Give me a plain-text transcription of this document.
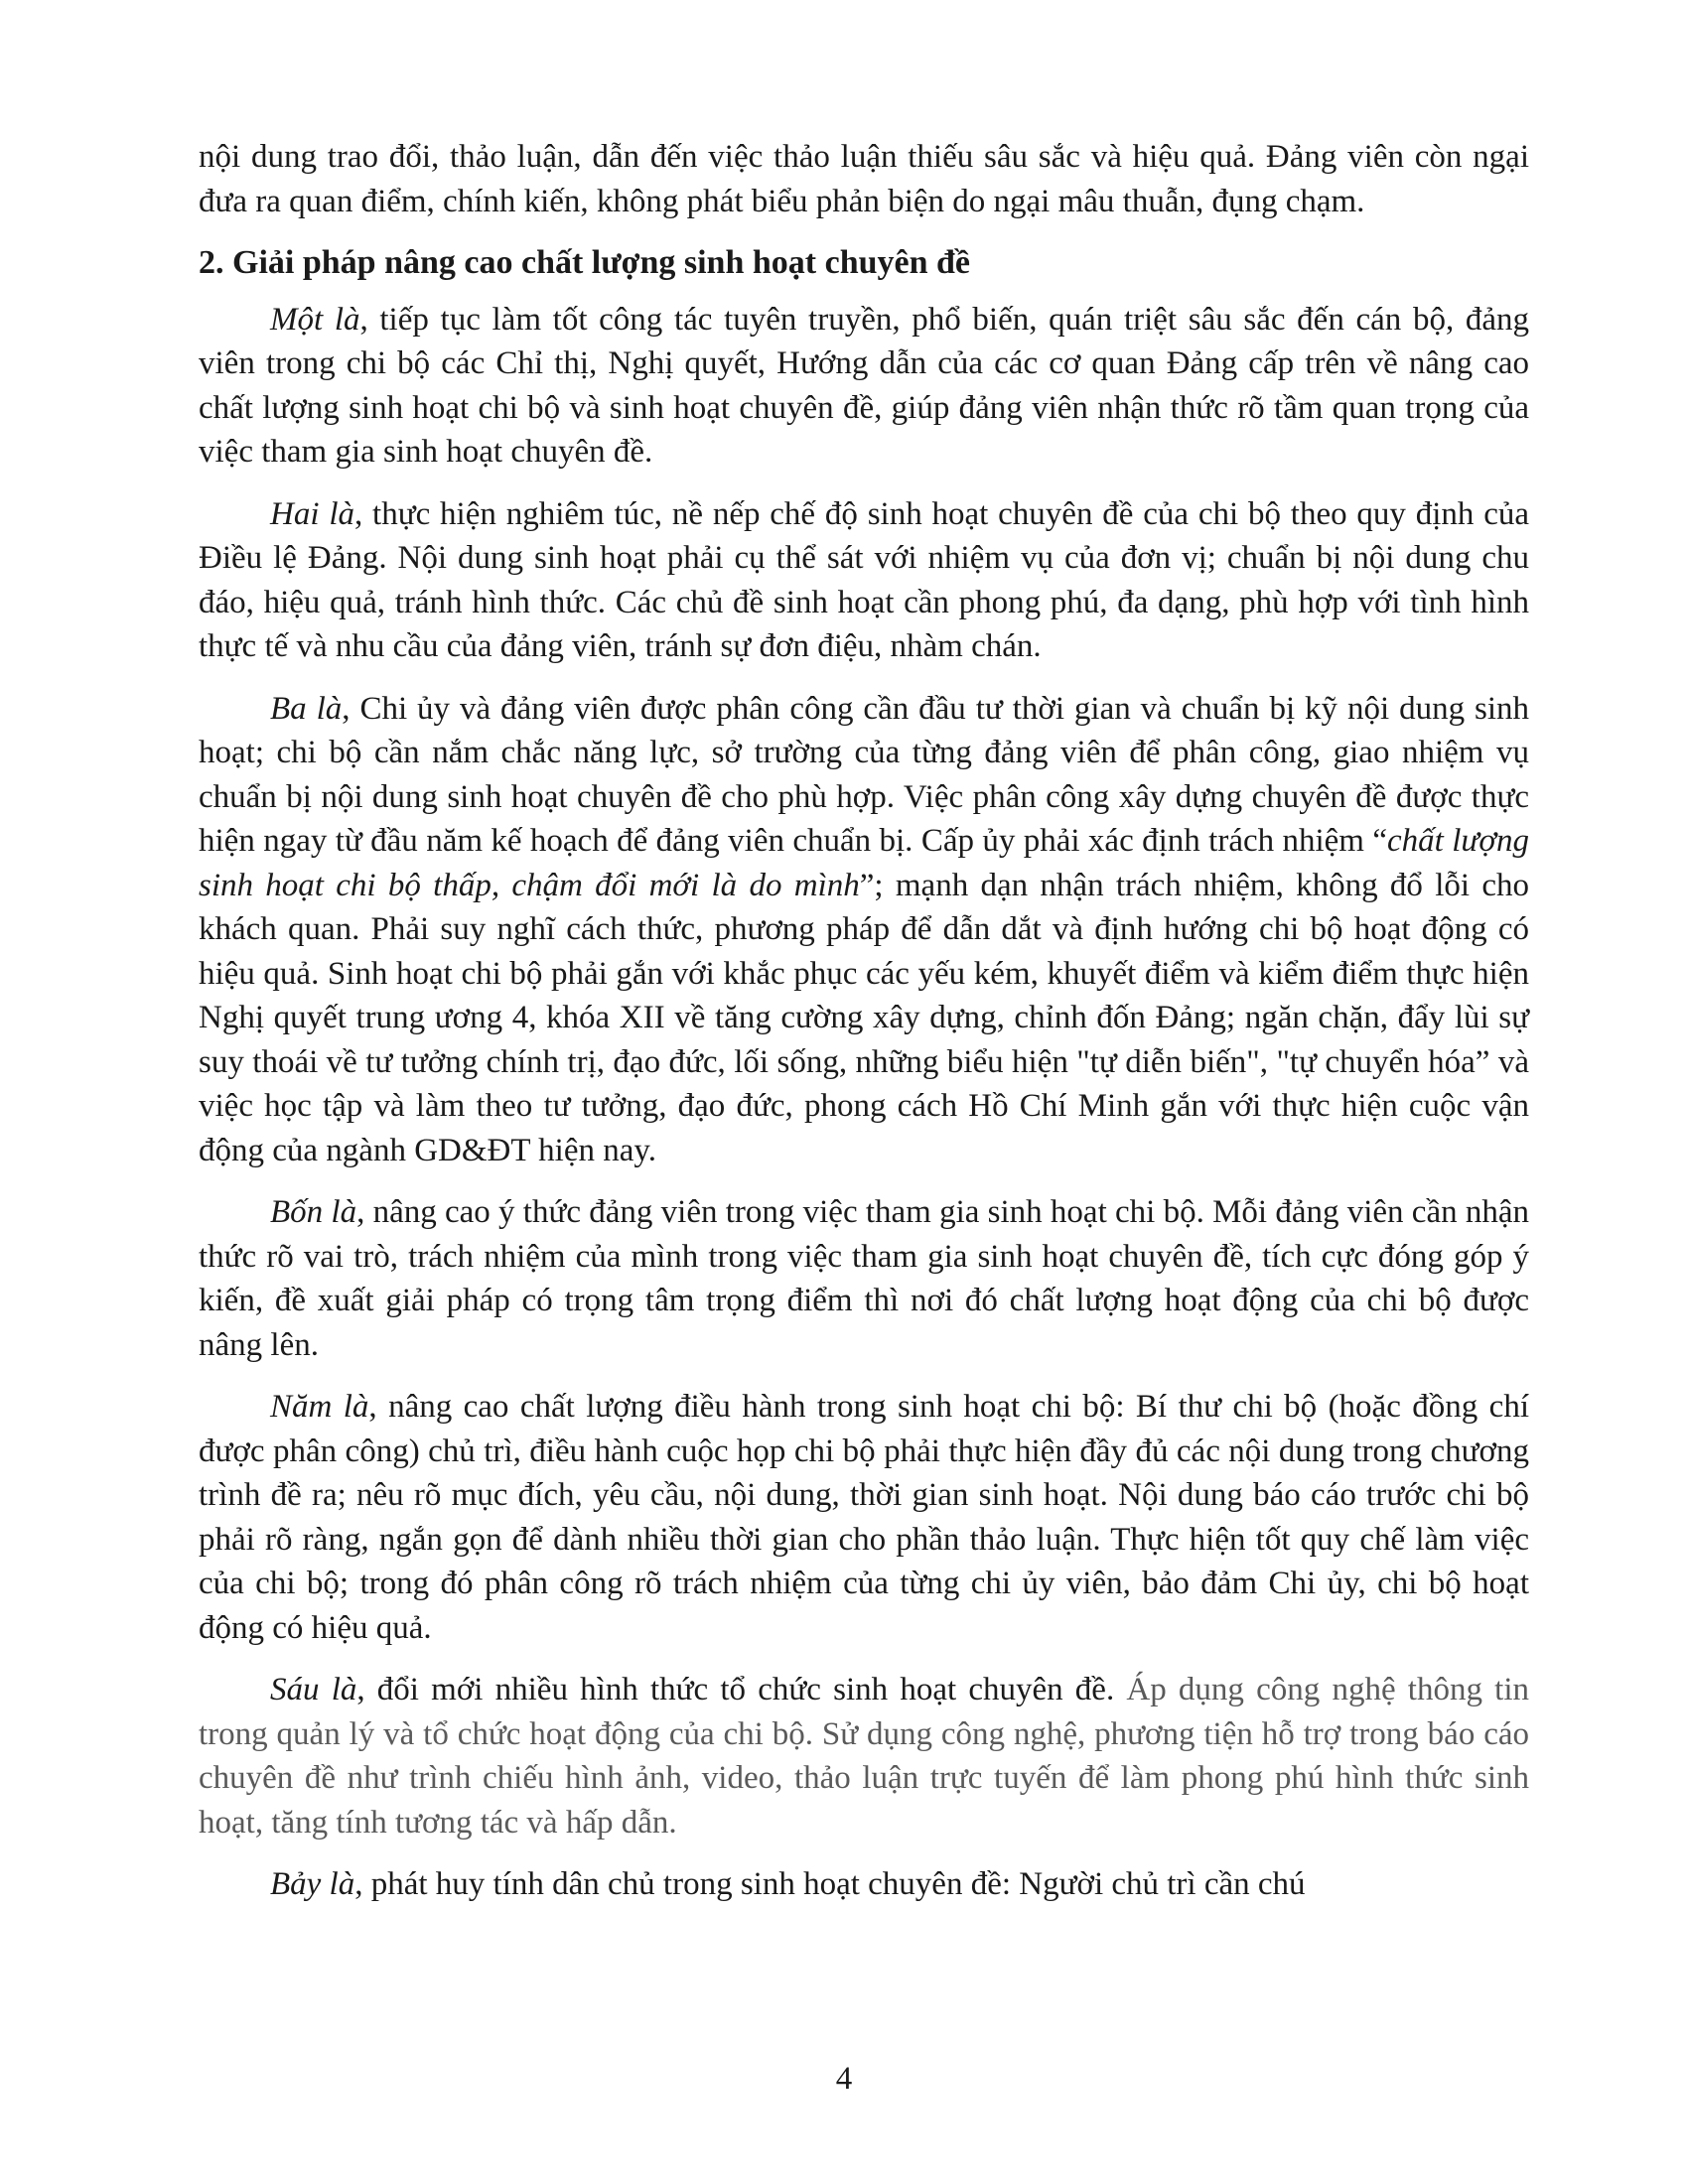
nội dung trao đổi, thảo luận, dẫn đến việc thảo luận thiếu sâu sắc và hiệu quả. Đảng viên còn ngại đưa ra quan điểm, chính kiến, không phát biểu phản biện do ngại mâu thuẫn, đụng chạm.

2. Giải pháp nâng cao chất lượng sinh hoạt chuyên đề

Một là, tiếp tục làm tốt công tác tuyên truyền, phổ biến, quán triệt sâu sắc đến cán bộ, đảng viên trong chi bộ các Chỉ thị, Nghị quyết, Hướng dẫn của các cơ quan Đảng cấp trên về nâng cao chất lượng sinh hoạt chi bộ và sinh hoạt chuyên đề, giúp đảng viên nhận thức rõ tầm quan trọng của việc tham gia sinh hoạt chuyên đề.

Hai là, thực hiện nghiêm túc, nề nếp chế độ sinh hoạt chuyên đề của chi bộ theo quy định của Điều lệ Đảng. Nội dung sinh hoạt phải cụ thể sát với nhiệm vụ của đơn vị; chuẩn bị nội dung chu đáo, hiệu quả, tránh hình thức. Các chủ đề sinh hoạt cần phong phú, đa dạng, phù hợp với tình hình thực tế và nhu cầu của đảng viên, tránh sự đơn điệu, nhàm chán.

Ba là, Chi ủy và đảng viên được phân công cần đầu tư thời gian và chuẩn bị kỹ nội dung sinh hoạt; chi bộ cần nắm chắc năng lực, sở trường của từng đảng viên để phân công, giao nhiệm vụ chuẩn bị nội dung sinh hoạt chuyên đề cho phù hợp. Việc phân công xây dựng chuyên đề được thực hiện ngay từ đầu năm kế hoạch để đảng viên chuẩn bị. Cấp ủy phải xác định trách nhiệm “chất lượng sinh hoạt chi bộ thấp, chậm đổi mới là do mình”; mạnh dạn nhận trách nhiệm, không đổ lỗi cho khách quan. Phải suy nghĩ cách thức, phương pháp để dẫn dắt và định hướng chi bộ hoạt động có hiệu quả. Sinh hoạt chi bộ phải gắn với khắc phục các yếu kém, khuyết điểm và kiểm điểm thực hiện Nghị quyết trung ương 4, khóa XII về tăng cường xây dựng, chỉnh đốn Đảng; ngăn chặn, đẩy lùi sự suy thoái về tư tưởng chính trị, đạo đức, lối sống, những biểu hiện "tự diễn biến", "tự chuyển hóa” và việc học tập và làm theo tư tưởng, đạo đức, phong cách Hồ Chí Minh gắn với thực hiện cuộc vận động của ngành GD&ĐT hiện nay.

Bốn là, nâng cao ý thức đảng viên trong việc tham gia sinh hoạt chi bộ. Mỗi đảng viên cần nhận thức rõ vai trò, trách nhiệm của mình trong việc tham gia sinh hoạt chuyên đề, tích cực đóng góp ý kiến, đề xuất giải pháp có trọng tâm trọng điểm thì nơi đó chất lượng hoạt động của chi bộ được nâng lên.

Năm là, nâng cao chất lượng điều hành trong sinh hoạt chi bộ: Bí thư chi bộ (hoặc đồng chí được phân công) chủ trì, điều hành cuộc họp chi bộ phải thực hiện đầy đủ các nội dung trong chương trình đề ra; nêu rõ mục đích, yêu cầu, nội dung, thời gian sinh hoạt. Nội dung báo cáo trước chi bộ phải rõ ràng, ngắn gọn để dành nhiều thời gian cho phần thảo luận. Thực hiện tốt quy chế làm việc của chi bộ; trong đó phân công rõ trách nhiệm của từng chi ủy viên, bảo đảm Chi ủy, chi bộ hoạt động có hiệu quả.

Sáu là, đổi mới nhiều hình thức tổ chức sinh hoạt chuyên đề. Áp dụng công nghệ thông tin trong quản lý và tổ chức hoạt động của chi bộ. Sử dụng công nghệ, phương tiện hỗ trợ trong báo cáo chuyên đề như trình chiếu hình ảnh, video, thảo luận trực tuyến để làm phong phú hình thức sinh hoạt, tăng tính tương tác và hấp dẫn.

Bảy là, phát huy tính dân chủ trong sinh hoạt chuyên đề: Người chủ trì cần chú

4
